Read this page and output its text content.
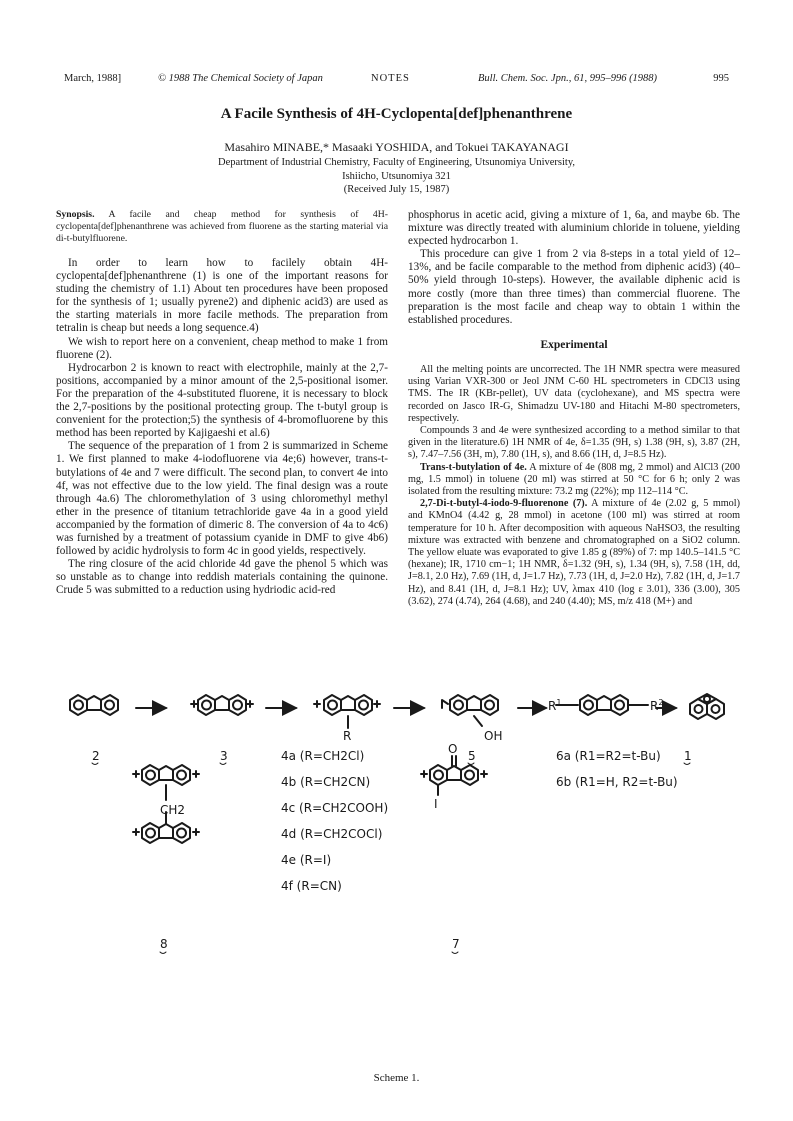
March, 1988]	© 1988 The Chemical Society of Japan	NOTES	Bull. Chem. Soc. Jpn., 61, 995–996 (1988)	995
A Facile Synthesis of 4H-Cyclopenta[def]phenanthrene
Masahiro MINABE,* Masaaki YOSHIDA, and Tokuei TAKAYANAGI
Department of Industrial Chemistry, Faculty of Engineering, Utsunomiya University,
Ishiicho, Utsunomiya 321
(Received July 15, 1987)

Synopsis. A facile and cheap method for synthesis of 4H-cyclopenta[def]phenanthrene was achieved from fluorene as the starting material via di-t-butylfluorene.

In order to learn how to facilely obtain 4H-cyclopenta[def]phenanthrene (1) is one of the important reasons for studing the chemistry of 1.1) About ten procedures have been proposed for the synthesis of 1; usually pyrene2) and diphenic acid3) are used as the starting materials in more facile methods. The preparation from tetralin is cheap but needs a long sequence.4)

We wish to report here on a convenient, cheap method to make 1 from fluorene (2).

Hydrocarbon 2 is known to react with electrophile, mainly at the 2,7-positions, accompanied by a minor amount of the 2,5-positional isomer. For the preparation of the 4-substituted fluorene, it is necessary to block the 2,7-positions by the positional protecting group. The t-butyl group is convenient for the protection;5) the synthesis of 4-bromofluorene by this method has been reported by Kajigaeshi et al.6)

The sequence of the preparation of 1 from 2 is summarized in Scheme 1. We first planned to make 4-iodofluorene via 4e;6) however, trans-t-butylations of 4e and 7 were difficult. The second plan, to convert 4e into 4f, was not effective due to the low yield. The final design was a route through 4a.6) The chloromethylation of 3 using chloromethyl methyl ether in the presence of titanium tetrachloride gave 4a in a good yield accompanied by the formation of dimeric 8. The conversion of 4a to 4c6) was furnished by a treatment of potassium cyanide in DMF to give 4b6) followed by acidic hydrolysis to form 4c in good yields, respectively.

The ring closure of the acid chloride 4d gave the phenol 5 which was so unstable as to change into reddish materials containing the quinone. Crude 5 was submitted to a reduction using hydriodic acid-red

phosphorus in acetic acid, giving a mixture of 1, 6a, and maybe 6b. The mixture was directly treated with aluminium chloride in toluene, yielding expected hydrocarbon 1.

This procedure can give 1 from 2 via 8-steps in a total yield of 12–13%, and be facile comparable to the method from diphenic acid3) (40–50% yield through 10-steps). However, the available diphenic acid is more costly (more than three times) than commercial fluorene. The preparation is the most facile and cheap way to obtain 1 within the established procedures.

Experimental

All the melting points are uncorrected. The 1H NMR spectra were measured using Varian VXR-300 or Jeol JNM C-60 HL spectrometers in CDCl3 using TMS. The IR (KBr-pellet), UV data (cyclohexane), and MS spectra were recorded on Jasco IR-G, Shimadzu UV-180 and Hitachi M-80 spectrometers, respectively.

Compounds 3 and 4e were synthesized according to a method similar to that given in the literature.6) 1H NMR of 4e, δ=1.35 (9H, s) 1.38 (9H, s), 3.87 (2H, s), 7.47–7.56 (3H, m), 7.80 (1H, s), and 8.66 (1H, d, J=8.5 Hz).

Trans-t-butylation of 4e. A mixture of 4e (808 mg, 2 mmol) and AlCl3 (200 mg, 1.5 mmol) in toluene (20 ml) was stirred at 50 °C for 6 h; only 2 was isolated from the resulting mixture: 73.2 mg (22%); mp 112–114 °C.

2,7-Di-t-butyl-4-iodo-9-fluorenone (7). A mixture of 4e (2.02 g, 5 mmol) and KMnO4 (4.42 g, 28 mmol) in acetone (100 ml) was stirred at room temperature for 10 h. After decomposition with aqueous NaHSO3, the resulting mixture was extracted with benzene and chromatographed on a SiO2 column. The yellow eluate was evaporated to give 1.85 g (89%) of 7: mp 140.5–141.5 °C (hexane); IR, 1710 cm−1; 1H NMR, δ=1.32 (9H, s), 1.34 (9H, s), 7.58 (1H, dd, J=8.1, 2.0 Hz), 7.69 (1H, d, J=1.7 Hz), 7.73 (1H, d, J=2.0 Hz), 7.82 (1H, d, J=1.7 Hz), and 8.41 (1H, d, J=8.1 Hz); UV, λmax 410 (log ε 3.01), 336 (3.00), 305 (3.62), 274 (4.74), 264 (4.68), and 240 (4.40); MS, m/z 418 (M+) and

2	3
R	OH
5	1
$R^1$	$R^2$
4a (R=CH2Cl)
4b (R=CH2CN)
4c (R=CH2COOH)
4d (R=CH2COCl)
4e (R=I)
4f (R=CN)
6a (R1=R2=t-Bu)
6b (R1=H, R2=t-Bu)
CH2
8
O
I
7
Scheme 1.
